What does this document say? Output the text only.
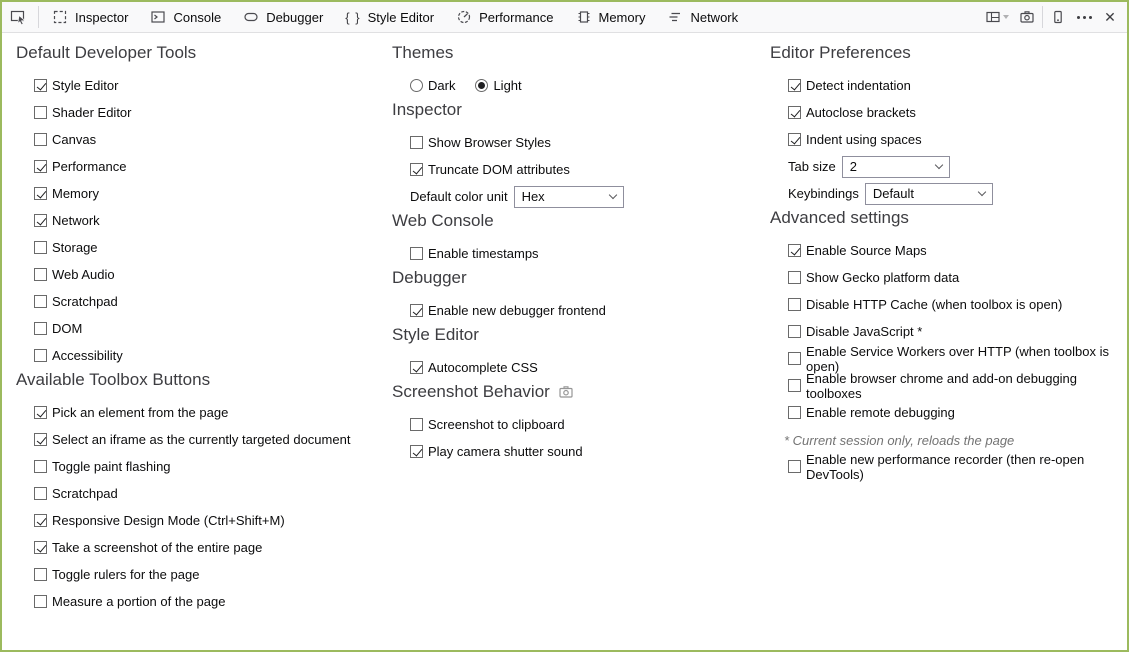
Inspector	Console	Debugger { } Style Editor	Performance	Memory	Network	✕
Default Developer Tools
Style Editor
Shader Editor
Canvas
Performance
Memory
Network
Storage
Web Audio
Scratchpad
DOM
Accessibility
Available Toolbox Buttons
Pick an element from the page
Select an iframe as the currently targeted document
Toggle paint flashing
Scratchpad
Responsive Design Mode (Ctrl+Shift+M)
Take a screenshot of the entire page
Toggle rulers for the page
Measure a portion of the page
Themes
Dark	Light
Inspector
Show Browser Styles
Truncate DOM attributes
Default color unit Hex
Web Console
Enable timestamps
Debugger
Enable new debugger frontend
Style Editor
Autocomplete CSS
Screenshot Behavior
Screenshot to clipboard
Play camera shutter sound
Editor Preferences
Detect indentation
Autoclose brackets
Indent using spaces
Tab size 2
Keybindings Default
Advanced settings
Enable Source Maps
Show Gecko platform data
Disable HTTP Cache (when toolbox is open)
Disable JavaScript *
Enable Service Workers over HTTP (when toolbox is open)
Enable browser chrome and add-on debugging toolboxes
Enable remote debugging
* Current session only, reloads the page
Enable new performance recorder (then re-open DevTools)
